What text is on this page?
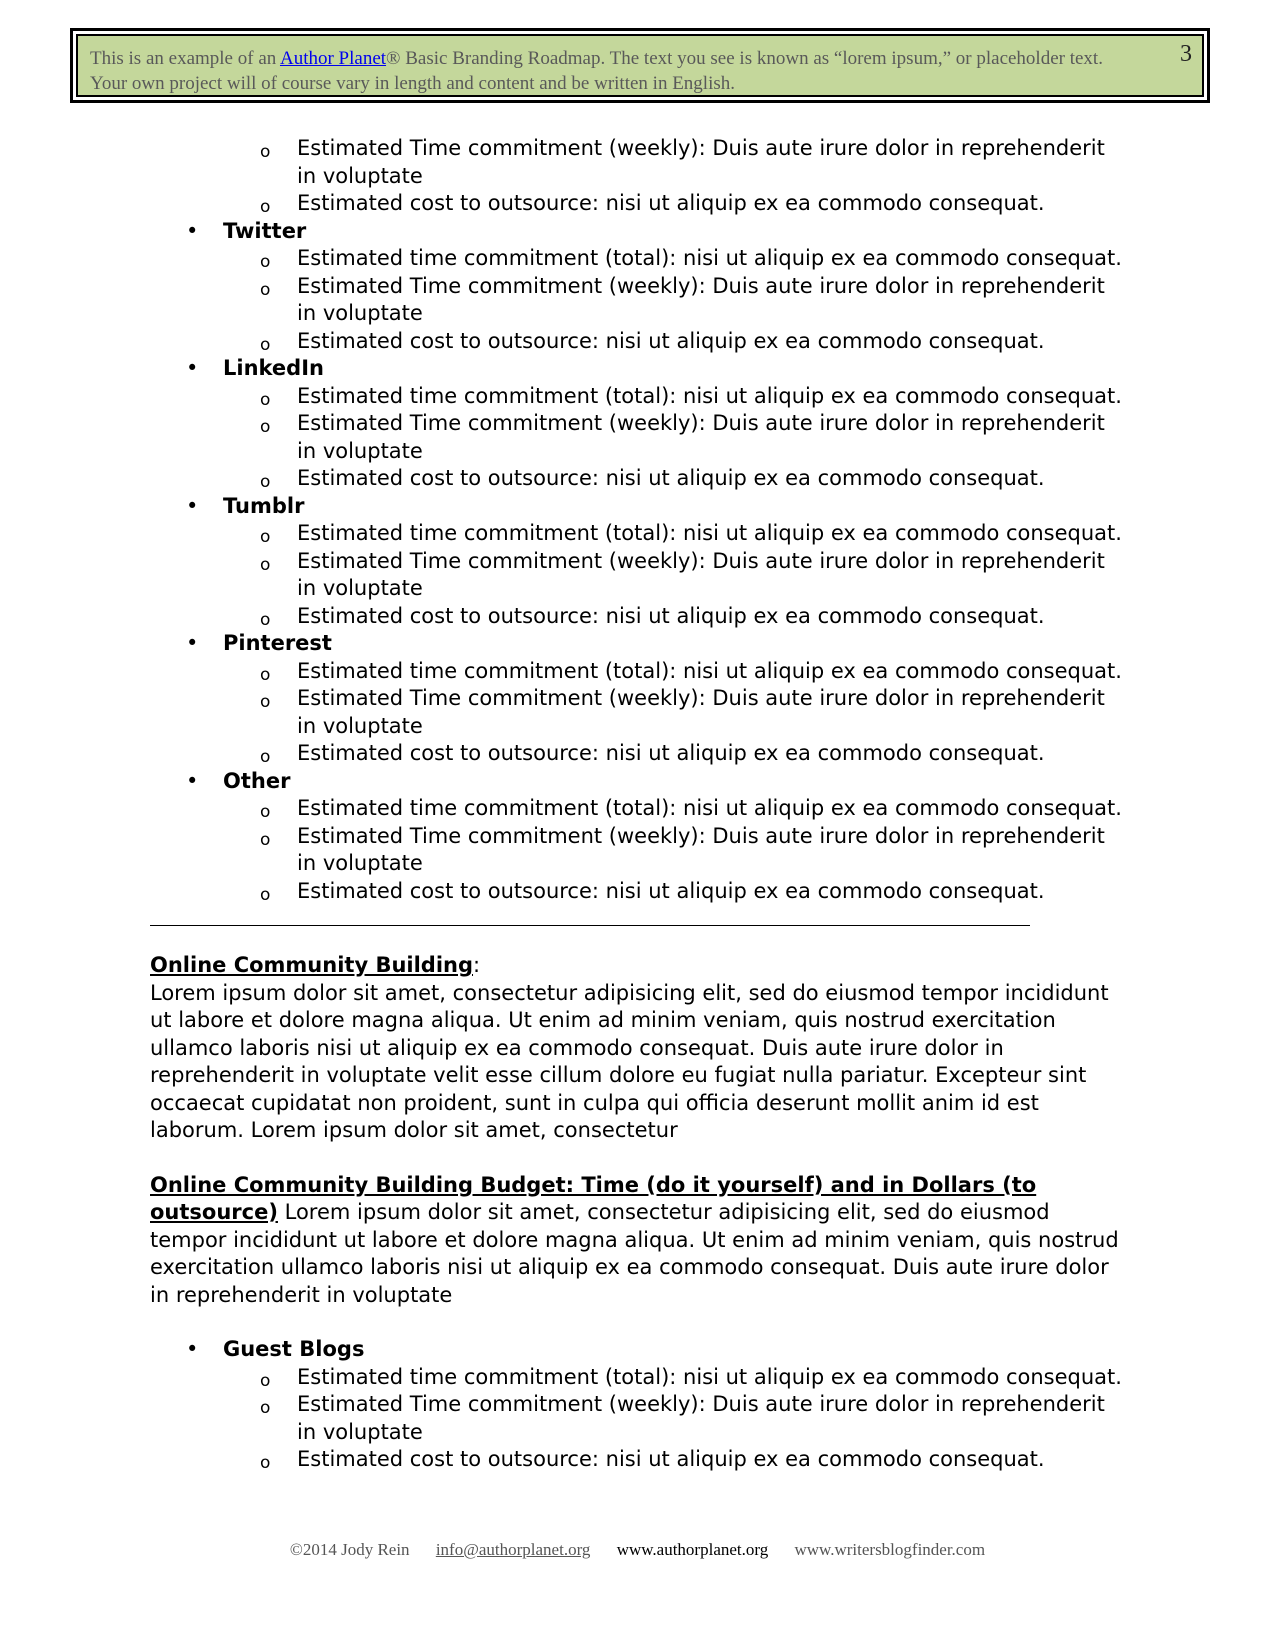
This is an example of an Author Planet® Basic Branding Roadmap. The text you see is known as “lorem ipsum,” or placeholder text. Your own project will of course vary in length and content and be written in English.
3
o Estimated Time commitment (weekly): Duis aute irure dolor in reprehenderit in voluptate
o Estimated cost to outsource: nisi ut aliquip ex ea commodo consequat.
• Twitter
o Estimated time commitment (total): nisi ut aliquip ex ea commodo consequat.
o Estimated Time commitment (weekly): Duis aute irure dolor in reprehenderit in voluptate
o Estimated cost to outsource: nisi ut aliquip ex ea commodo consequat.
• LinkedIn
o Estimated time commitment (total): nisi ut aliquip ex ea commodo consequat.
o Estimated Time commitment (weekly): Duis aute irure dolor in reprehenderit in voluptate
o Estimated cost to outsource: nisi ut aliquip ex ea commodo consequat.
• Tumblr
o Estimated time commitment (total): nisi ut aliquip ex ea commodo consequat.
o Estimated Time commitment (weekly): Duis aute irure dolor in reprehenderit in voluptate
o Estimated cost to outsource: nisi ut aliquip ex ea commodo consequat.
• Pinterest
o Estimated time commitment (total): nisi ut aliquip ex ea commodo consequat.
o Estimated Time commitment (weekly): Duis aute irure dolor in reprehenderit in voluptate
o Estimated cost to outsource: nisi ut aliquip ex ea commodo consequat.
• Other
o Estimated time commitment (total): nisi ut aliquip ex ea commodo consequat.
o Estimated Time commitment (weekly): Duis aute irure dolor in reprehenderit in voluptate
o Estimated cost to outsource: nisi ut aliquip ex ea commodo consequat.

Online Community Building:

Lorem ipsum dolor sit amet, consectetur adipisicing elit, sed do eiusmod tempor incididunt ut labore et dolore magna aliqua. Ut enim ad minim veniam, quis nostrud exercitation ullamco laboris nisi ut aliquip ex ea commodo consequat. Duis aute irure dolor in reprehenderit in voluptate velit esse cillum dolore eu fugiat nulla pariatur. Excepteur sint occaecat cupidatat non proident, sunt in culpa qui officia deserunt mollit anim id est laborum. Lorem ipsum dolor sit amet, consectetur

Online Community Building Budget: Time (do it yourself) and in Dollars (to outsource) Lorem ipsum dolor sit amet, consectetur adipisicing elit, sed do eiusmod tempor incididunt ut labore et dolore magna aliqua. Ut enim ad minim veniam, quis nostrud exercitation ullamco laboris nisi ut aliquip ex ea commodo consequat. Duis aute irure dolor in reprehenderit in voluptate

• Guest Blogs
o Estimated time commitment (total): nisi ut aliquip ex ea commodo consequat.
o Estimated Time commitment (weekly): Duis aute irure dolor in reprehenderit in voluptate
o Estimated cost to outsource: nisi ut aliquip ex ea commodo consequat.
©2014 Jody Rein info@authorplanet.org www.authorplanet.org www.writersblogfinder.com
